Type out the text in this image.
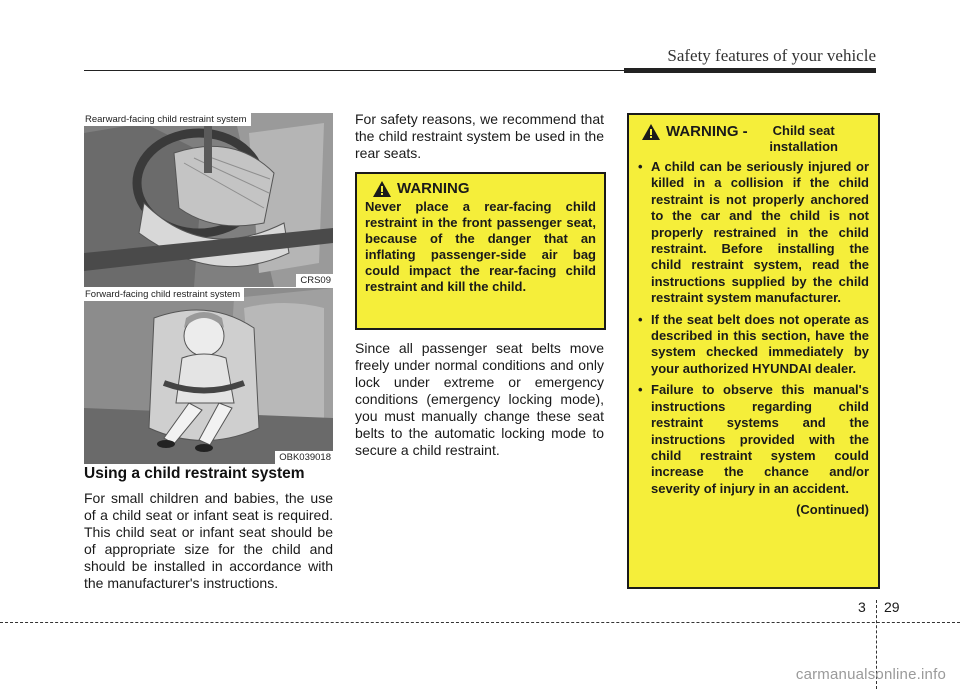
Safety features of your vehicle
Rearward-facing child restraint system
CRS09
Forward-facing child restraint system
OBK039018
Using a child restraint system

For small children and babies, the use of a child seat or infant seat is required. This child seat or infant seat should be of appropriate size for the child and should be installed in accordance with the manufacturer's instructions.

For safety reasons, we recommend that the child restraint system be used in the rear seats.

WARNING

Never place a rear-facing child restraint in the front passenger seat, because of the danger that an inflating passenger-side air bag could impact the rear-facing child restraint and kill the child.

Since all passenger seat belts move freely under normal conditions and only lock under extreme or emergency conditions (emergency locking mode), you must manually change these seat belts to the automatic locking mode to secure a child restraint.

WARNING -	Child seat installation
• A child can be seriously injured or killed in a collision if the child restraint is not properly anchored to the car and the child is not properly restrained in the child restraint. Before installing the child restraint system, read the instructions supplied by the child restraint system manufacturer.
• If the seat belt does not operate as described in this section, have the system checked immediately by your authorized HYUNDAI dealer.
• Failure to observe this manual's instructions regarding child restraint systems and the instructions provided with the child restraint system could increase the chance and/or severity of injury in an accident.
(Continued)
3 29
carmanualsonline.info
